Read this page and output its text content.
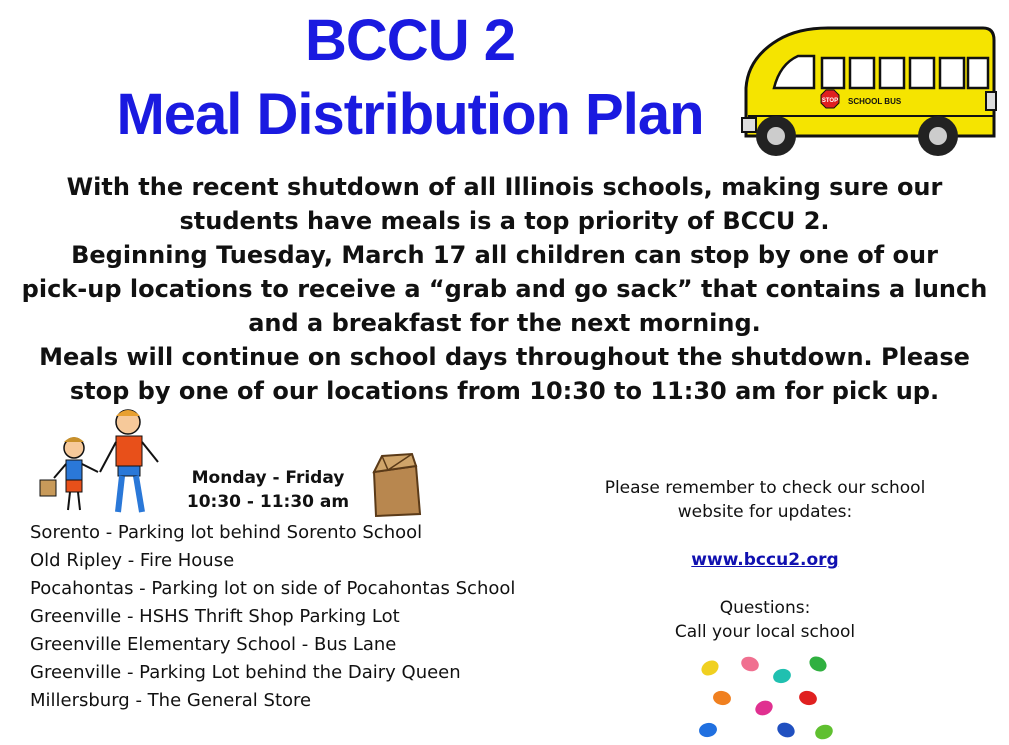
BCCU 2
Meal Distribution Plan	STOP SCHOOL BUS

With the recent shutdown of all Illinois schools, making sure our

students have meals is a top priority of BCCU 2.

Beginning Tuesday, March 17 all children can stop by one of our

pick-up locations to receive a “grab and go sack” that contains a lunch

and a breakfast for the next morning.

Meals will continue on school days throughout the shutdown. Please

stop by one of our locations from 10:30 to 11:30 am for pick up.

Monday - Friday
10:30 - 11:30 am
Sorento - Parking lot behind Sorento School
Old Ripley - Fire House
Pocahontas - Parking lot on side of Pocahontas School
Greenville - HSHS Thrift Shop Parking Lot
Greenville Elementary School - Bus Lane
Greenville - Parking Lot behind the Dairy Queen
Millersburg - The General Store

Please remember to check our school

website for updates:

www.bccu2.org

Questions:

Call your local school
